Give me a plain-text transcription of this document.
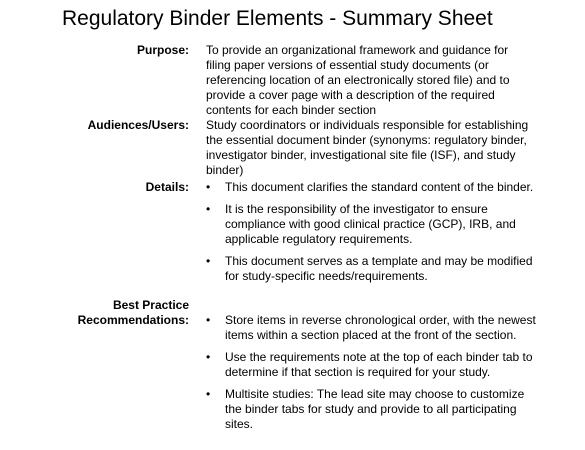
Regulatory Binder Elements - Summary Sheet
Purpose: To provide an organizational framework and guidance for filing paper versions of essential study documents (or referencing location of an electronically stored file) and to provide a cover page with a description of the required contents for each binder section
Audiences/Users: Study coordinators or individuals responsible for establishing the essential document binder (synonyms: regulatory binder, investigator binder, investigational site file (ISF), and study binder)
Details: • This document clarifies the standard content of the binder.
• It is the responsibility of the investigator to ensure compliance with good clinical practice (GCP), IRB, and applicable regulatory requirements.
• This document serves as a template and may be modified for study-specific needs/requirements.
Best Practice
Recommendations: • Store items in reverse chronological order, with the newest items within a section placed at the front of the section.
• Use the requirements note at the top of each binder tab to determine if that section is required for your study.
• Multisite studies: The lead site may choose to customize the binder tabs for study and provide to all participating sites.
